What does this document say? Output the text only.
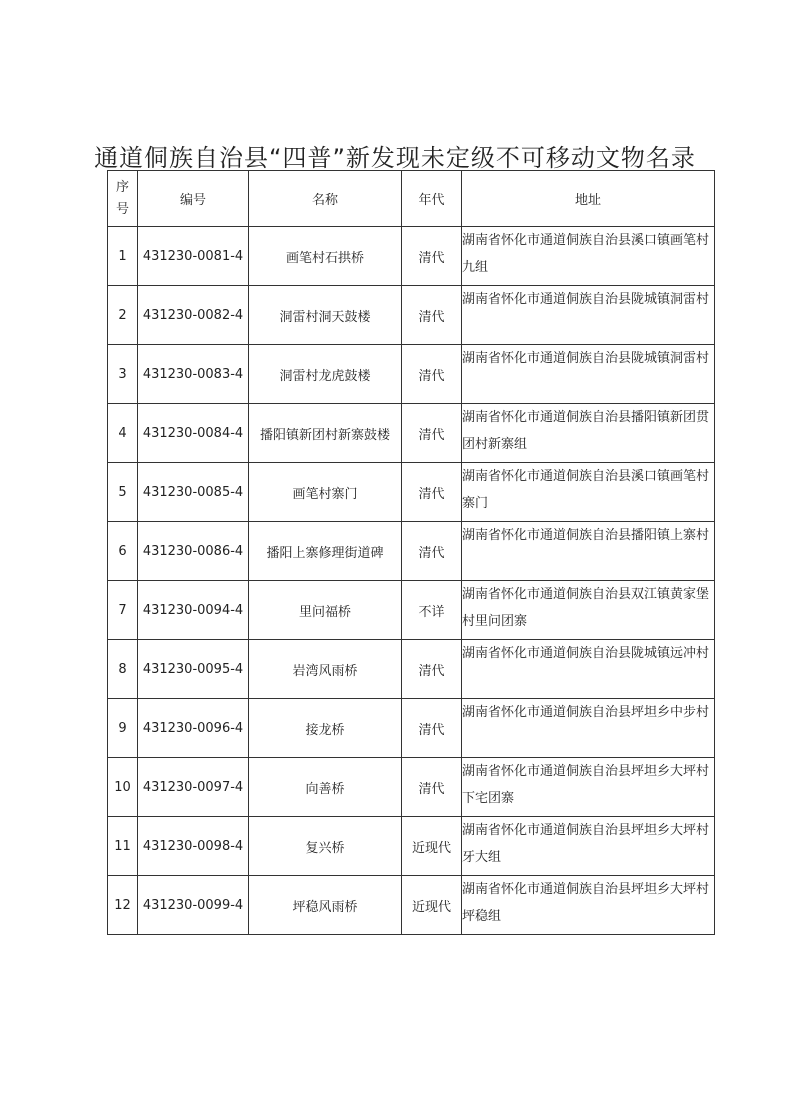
通道侗族自治县“四普”新发现未定级不可移动文物名录
序
号	编号	名称	年代	地址
1	431230-0081-4	画笔村石拱桥	清代	湖南省怀化市通道侗族自治县溪口镇画笔村九组
2	431230-0082-4	洞雷村洞天鼓楼	清代	湖南省怀化市通道侗族自治县陇城镇洞雷村
3	431230-0083-4	洞雷村龙虎鼓楼	清代	湖南省怀化市通道侗族自治县陇城镇洞雷村
4	431230-0084-4	播阳镇新团村新寨鼓楼	清代	湖南省怀化市通道侗族自治县播阳镇新团贯团村新寨组
5	431230-0085-4	画笔村寨门	清代	湖南省怀化市通道侗族自治县溪口镇画笔村寨门
6	431230-0086-4	播阳上寨修理街道碑	清代	湖南省怀化市通道侗族自治县播阳镇上寨村
7	431230-0094-4	里问福桥	不详	湖南省怀化市通道侗族自治县双江镇黄家堡村里问团寨
8	431230-0095-4	岩湾风雨桥	清代	湖南省怀化市通道侗族自治县陇城镇远冲村
9	431230-0096-4	接龙桥	清代	湖南省怀化市通道侗族自治县坪坦乡中步村
10	431230-0097-4	向善桥	清代	湖南省怀化市通道侗族自治县坪坦乡大坪村下宅团寨
11	431230-0098-4	复兴桥	近现代	湖南省怀化市通道侗族自治县坪坦乡大坪村牙大组
12	431230-0099-4	坪稳风雨桥	近现代	湖南省怀化市通道侗族自治县坪坦乡大坪村坪稳组
